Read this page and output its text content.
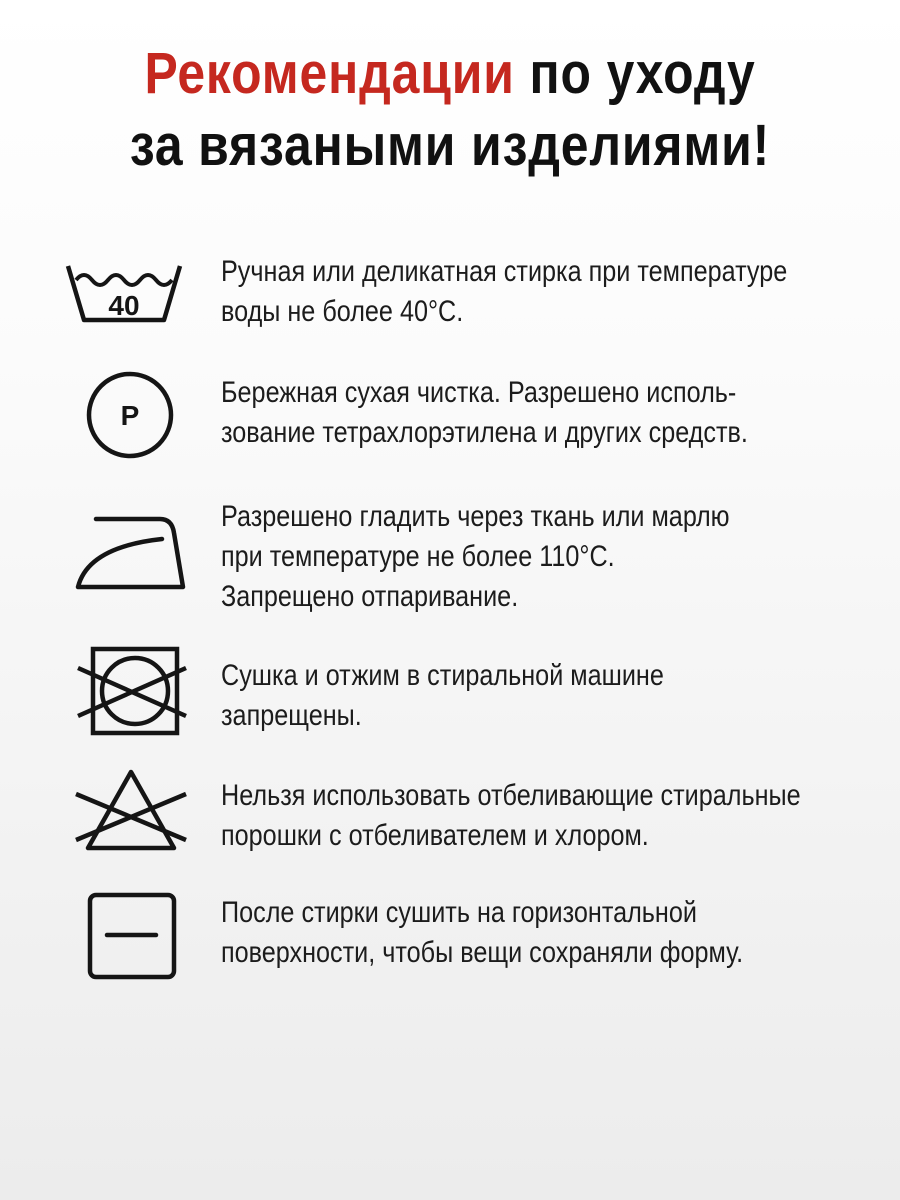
Рекомендации по уходу
за вязаными изделиями!
40
Ручная или деликатная стирка при температуре
воды не более 40°С.
P
Бережная сухая чистка. Разрешено исполь-
зование тетрахлорэтилена и других средств.
Разрешено гладить через ткань или марлю
при температуре не более 110°С.
Запрещено отпаривание.
Сушка и отжим в стиральной машине
запрещены.
Нельзя использовать отбеливающие стиральные
порошки с отбеливателем и хлором.
После стирки сушить на горизонтальной
поверхности, чтобы вещи сохраняли форму.
